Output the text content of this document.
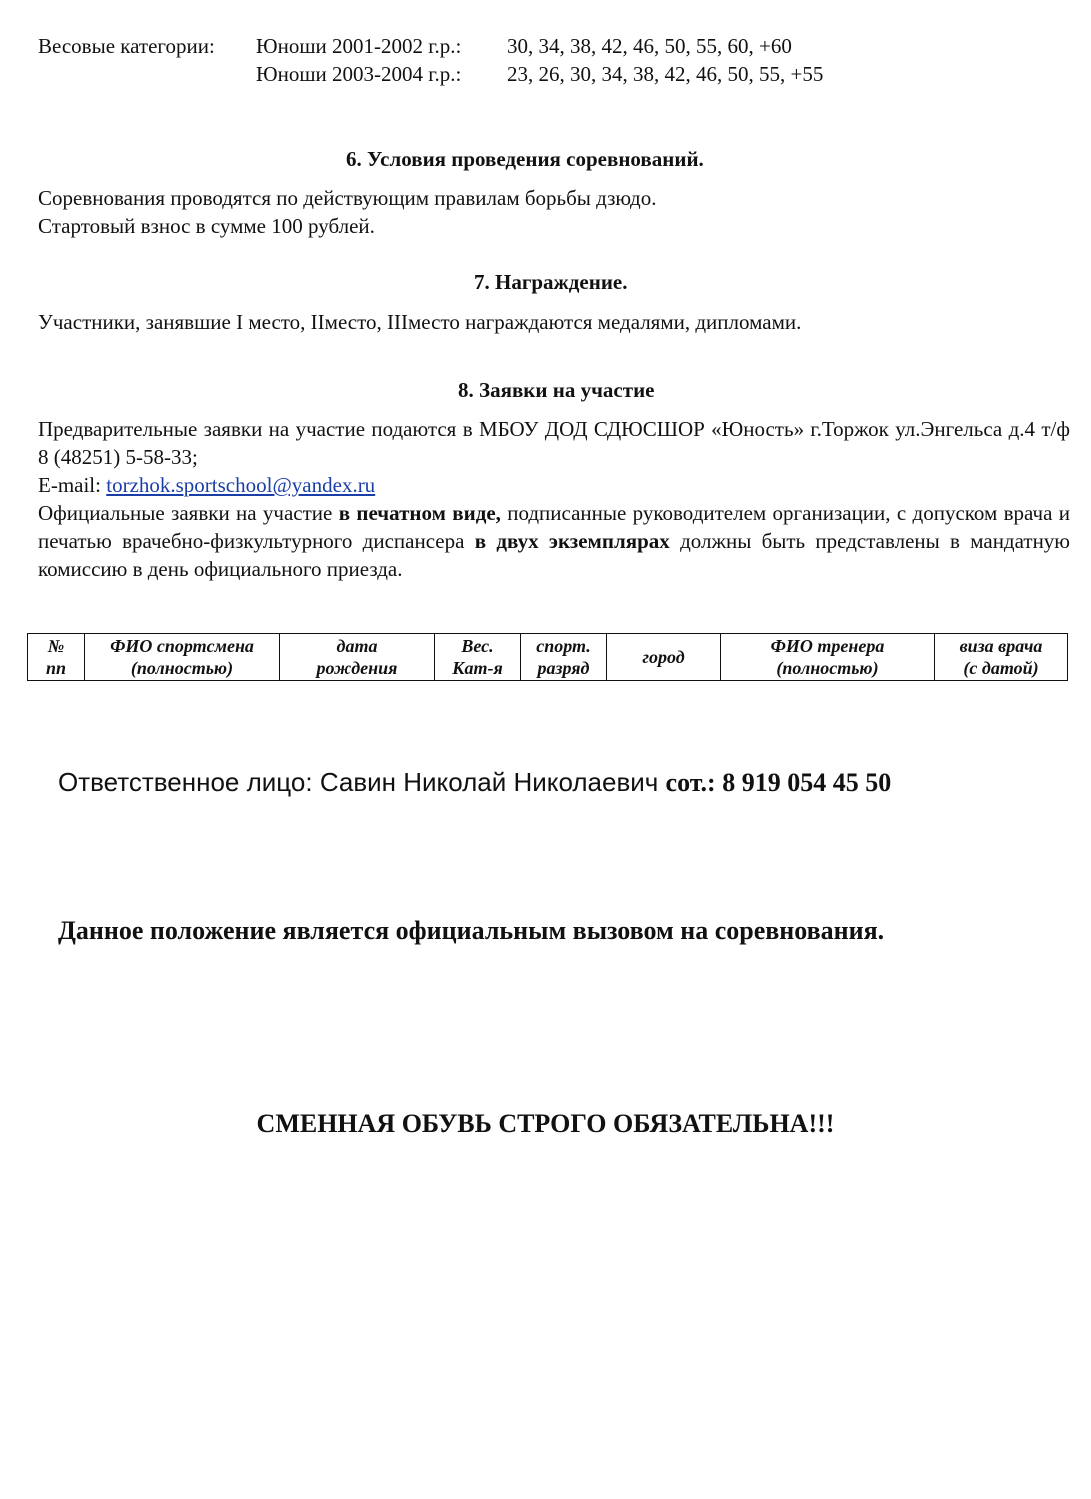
Весовые категории: Юноши 2001-2002 г.р.: 30, 34, 38, 42, 46, 50, 55, 60, +60
Юноши 2003-2004 г.р.: 23, 26, 30, 34, 38, 42, 46, 50, 55, +55
6. Условия проведения соревнований.
Соревнования проводятся по действующим правилам борьбы дзюдо.
Стартовый взнос в сумме 100 рублей.
7. Награждение.
Участники, занявшие I место, IIместо, IIIместо награждаются медалями, дипломами.
8. Заявки на участие
Предварительные заявки на участие подаются в МБОУ ДОД СДЮСШОР «Юность» г.Торжок ул.Энгельса д.4 т/ф 8 (48251) 5-58-33;
E-mail: torzhok.sportschool@yandex.ru
Официальные заявки на участие в печатном виде, подписанные руководителем организации, с допуском врача и печатью врачебно-физкультурного диспансера в двух экземплярах должны быть представлены в мандатную комиссию в день официального приезда.
№
пп

ФИО спортсмена
(полностью)

дата
рождения

Вес.
Кат-я

спорт.
разряд

город

ФИО тренера
(полностью)

виза врача
(с датой)
Ответственное лицо: Савин Николай Николаевич сот.: 8 919 054 45 50
Данное положение является официальным вызовом на соревнования.
СМЕННАЯ ОБУВЬ СТРОГО ОБЯЗАТЕЛЬНА!!!
